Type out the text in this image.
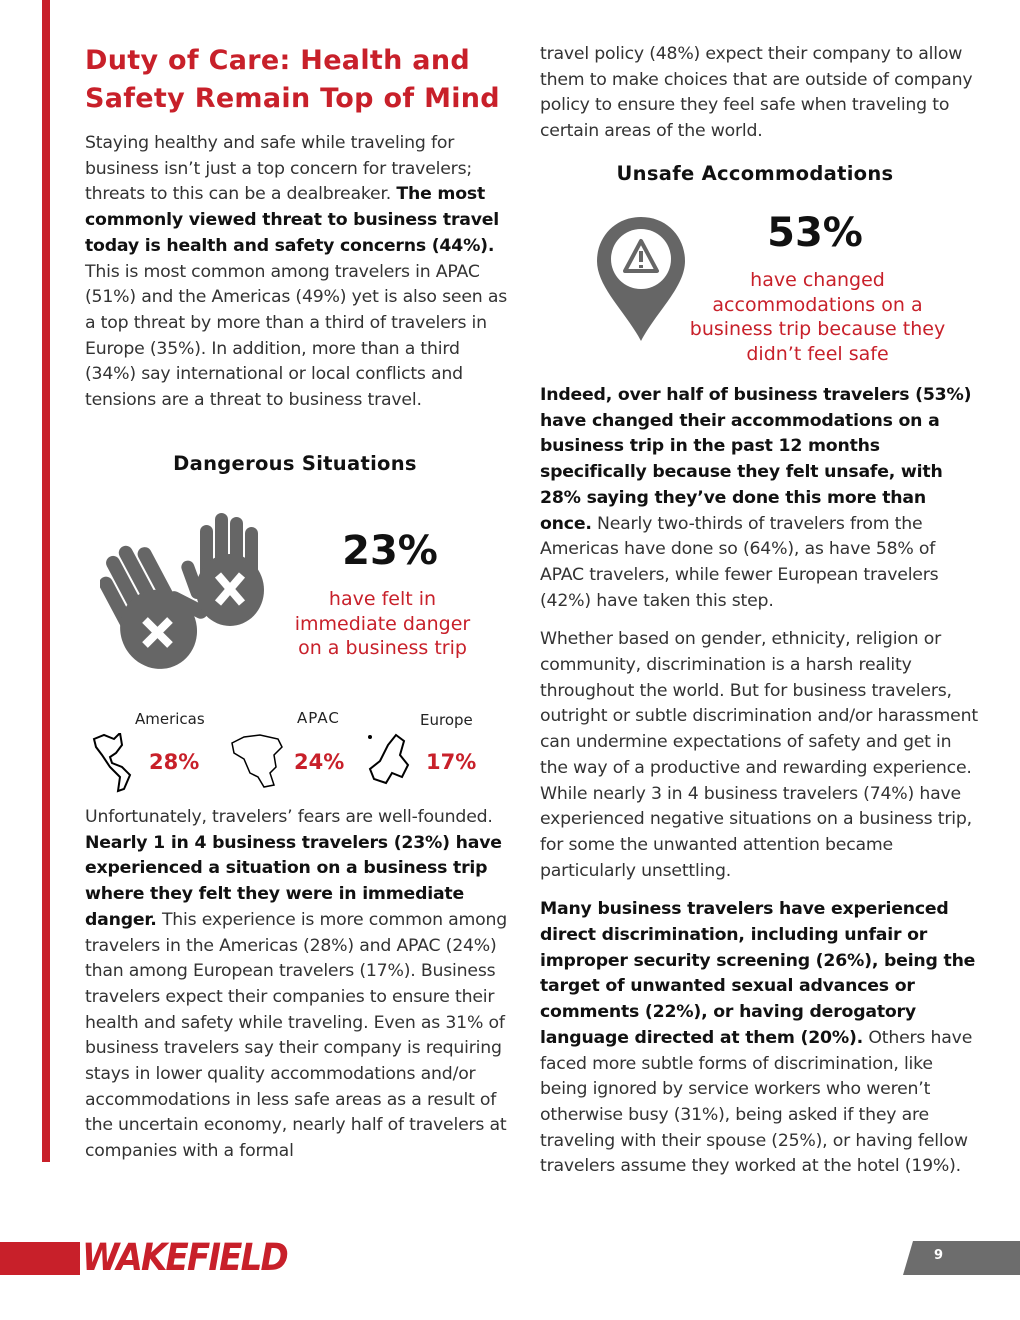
Duty of Care: Health and Safety Remain Top of Mind

Staying healthy and safe while traveling for business isn’t just a top concern for travelers; threats to this can be a dealbreaker. The most commonly viewed threat to business travel today is health and safety concerns (44%). This is most common among travelers in APAC (51%) and the Americas (49%) yet is also seen as a top threat by more than a third of travelers in Europe (35%). In addition, more than a third (34%) say international or local conflicts and tensions are a threat to business travel.

Dangerous Situations
23%
have felt in immediate danger on a business trip
Americas	APAC	Europe
28%	24%	17%

Unfortunately, travelers’ fears are well-founded. Nearly 1 in 4 business travelers (23%) have experienced a situation on a business trip where they felt they were in immediate danger. This experience is more common among travelers in the Americas (28%) and APAC (24%) than among European travelers (17%). Business travelers expect their companies to ensure their health and safety while traveling. Even as 31% of business travelers say their company is requiring stays in lower quality accommodations and/or accommodations in less safe areas as a result of the uncertain economy, nearly half of travelers at companies with a formal

travel policy (48%) expect their company to allow them to make choices that are outside of company policy to ensure they feel safe when traveling to certain areas of the world.

Unsafe Accommodations
53%
have changed accommodations on a business trip because they didn’t feel safe

Indeed, over half of business travelers (53%) have changed their accommodations on a business trip in the past 12 months specifically because they felt unsafe, with 28% saying they’ve done this more than once. Nearly two-thirds of travelers from the Americas have done so (64%), as have 58% of APAC travelers, while fewer European travelers (42%) have taken this step.

Whether based on gender, ethnicity, religion or community, discrimination is a harsh reality throughout the world. But for business travelers, outright or subtle discrimination and/or harassment can undermine expectations of safety and get in the way of a productive and rewarding experience. While nearly 3 in 4 business travelers (74%) have experienced negative situations on a business trip, for some the unwanted attention became particularly unsettling.

Many business travelers have experienced direct discrimination, including unfair or improper security screening (26%), being the target of unwanted sexual advances or comments (22%), or having derogatory language directed at them (20%). Others have faced more subtle forms of discrimination, like being ignored by service workers who weren’t otherwise busy (31%), being asked if they are traveling with their spouse (25%), or having fellow travelers assume they worked at the hotel (19%).

WAKEFIELD	9
